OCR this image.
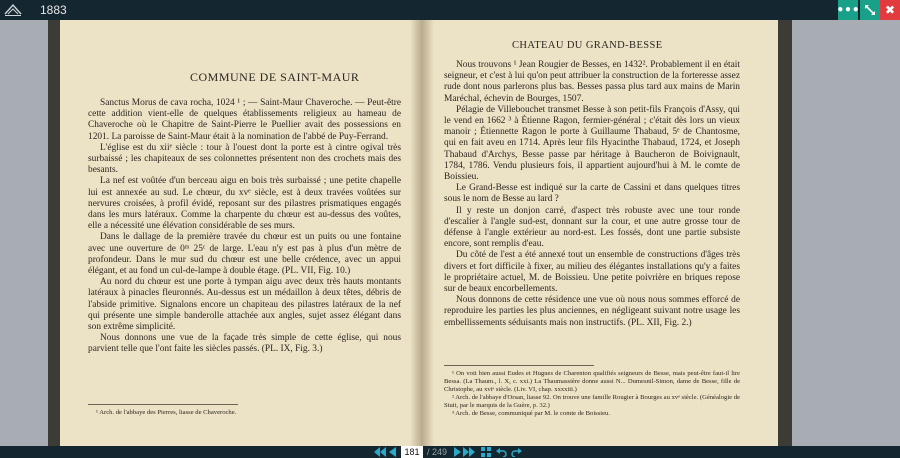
1883	•••	✖
COMMUNE DE SAINT-MAUR

Sanctus Morus de cava rocha, 1024 ¹ ; — Saint-Maur Chaveroche. — Peut-être cette addition vient-elle de quelques établissements religieux au hameau de Chaveroche où le Chapitre de Saint-Pierre le Puellier avait des possessions en 1201. La paroisse de Saint-Maur était à la nomination de l'abbé de Puy-Ferrand.

L'église est du xiiᵉ siècle : tour à l'ouest dont la porte est à cintre ogival très surbaissé ; les chapiteaux de ses colonnettes présentent non des crochets mais des besants.

La nef est voûtée d'un berceau aigu en bois très surbaissé ; une petite chapelle lui est annexée au sud. Le chœur, du xvᵉ siècle, est à deux travées voûtées sur nervures croisées, à profil évidé, reposant sur des pilastres prismatiques engagés dans les murs latéraux. Comme la charpente du chœur est au-dessus des voûtes, elle a nécessité une élévation considérable de ses murs.

Dans le dallage de la première travée du chœur est un puits ou une fontaine avec une ouverture de 0ᵐ 25ᶜ de large. L'eau n'y est pas à plus d'un mètre de profondeur. Dans le mur sud du chœur est une belle crédence, avec un appui élégant, et au fond un cul-de-lampe à double étage. (PL. VII, Fig. 10.)

Au nord du chœur est une porte à tympan aigu avec deux très hauts montants latéraux à pinacles fleuronnés. Au-dessus est un médaillon à deux têtes, débris de l'abside primitive. Signalons encore un chapiteau des pilastres latéraux de la nef qui présente une simple banderolle attachée aux angles, sujet assez élégant dans son extrême simplicité.

Nous donnons une vue de la façade très simple de cette église, qui nous parvient telle que l'ont faite les siècles passés. (PL. IX, Fig. 3.)

¹ Arch. de l'abbaye des Pierres, liasse de Chaveroche.

CHATEAU DU GRAND-BESSE

Nous trouvons ¹ Jean Rougier de Besses, en 1432². Probablement il en était seigneur, et c'est à lui qu'on peut attribuer la construction de la forteresse assez rude dont nous parlerons plus bas. Besses passa plus tard aux mains de Marin Maréchal, échevin de Bourges, 1507.

Pélagie de Villebouchet transmet Besse à son petit-fils François d'Assy, qui le vend en 1662 ³ à Étienne Ragon, fermier-général ; c'était dès lors un vieux manoir ; Étiennette Ragon le porte à Guillaume Thabaud, 5ᵉ de Chantosme, qui en fait aveu en 1714. Après leur fils Hyacinthe Thabaud, 1724, et Joseph Thabaud d'Archys, Besse passe par héritage à Baucheron de Boivignault, 1784, 1786. Vendu plusieurs fois, il appartient aujourd'hui à M. le comte de Boissieu.

Le Grand-Besse est indiqué sur la carte de Cassini et dans quelques titres sous le nom de Besse au lard ?

Il y reste un donjon carré, d'aspect très robuste avec une tour ronde d'escalier à l'angle sud-est, donnant sur la cour, et une autre grosse tour de défense à l'angle extérieur au nord-est. Les fossés, dont une partie subsiste encore, sont remplis d'eau.

Du côté de l'est a été annexé tout un ensemble de constructions d'âges très divers et fort difficile à fixer, au milieu des élégantes installations qu'y a faites le propriétaire actuel, M. de Boissieu. Une petite poivrière en briques repose sur de beaux encorbellements.

Nous donnons de cette résidence une vue où nous nous sommes efforcé de reproduire les parties les plus anciennes, en négligeant suivant notre usage les embellissements séduisants mais non instructifs. (PL. XII, Fig. 2.)

¹ On voit bien aussi Eudes et Hugues de Charenton qualifiés seigneurs de Besse, mais peut-être faut-il lire Bessa. (La Thaum., l. X, c. xxi.) La Thaumassière donne aussi N... Dumesnil-Simon, dame de Besse, fille de Christophe, au xviᵉ siècle. (Liv. VI, chap. xxxxiii.)

² Arch. de l'abbaye d'Orsan, liasse 92. On trouve une famille Rougier à Bourges au xvᵉ siècle. (Généalogie de Stuit, par le marquis de la Guère, p. 32.)

³ Arch. de Besse, communiqué par M. le comte de Boissieu.

181 / 249
